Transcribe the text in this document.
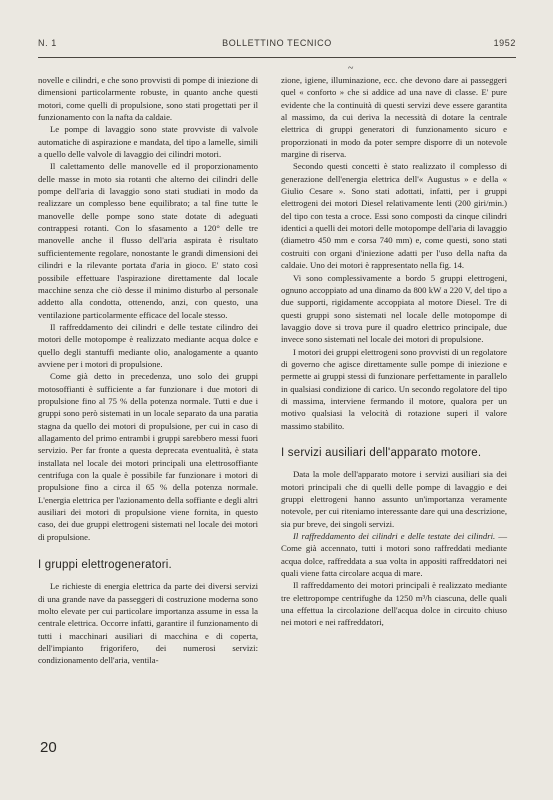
N. 1	BOLLETTINO TECNICO	1952
~

novelle e cilindri, e che sono provvisti di pompe di iniezione di dimensioni particolarmente robuste, in quanto anche questi motori, come quelli di propulsione, sono stati progettati per il funzionamento con la nafta da caldaie.

Le pompe di lavaggio sono state provviste di valvole automatiche di aspirazione e mandata, del tipo a lamelle, simili a quello delle valvole di lavaggio dei cilindri motori.

Il calettamento delle manovelle ed il proporzionamento delle masse in moto sia rotanti che alterno dei cilindri delle pompe dell'aria di lavaggio sono stati studiati in modo da realizzare un complesso bene equilibrato; a tal fine tutte le manovelle delle pompe sono state dotate di adeguati contrappesi rotanti. Con lo sfasamento a 120° delle tre manovelle anche il flusso dell'aria aspirata è risultato sufficientemente regolare, nonostante le grandi dimensioni dei cilindri e la rilevante portata d'aria in gioco. E' stato così possibile effettuare l'aspirazione direttamente dal locale macchine senza che ciò desse il minimo disturbo al personale addetto alla condotta, ottenendo, anzi, con questo, una ventilazione particolarmente efficace del locale stesso.

Il raffreddamento dei cilindri e delle testate cilindro dei motori delle motopompe è realizzato mediante acqua dolce e quello degli stantuffi mediante olio, analogamente a quanto avviene per i motori di propulsione.

Come già detto in precedenza, uno solo dei gruppi motosoffianti è sufficiente a far funzionare i due motori di propulsione fino al 75 % della potenza normale. Tutti e due i gruppi sono però sistemati in un locale separato da una paratia stagna da quello dei motori di propulsione, per cui in caso di allagamento del primo entrambi i gruppi sarebbero messi fuori servizio. Per far fronte a questa deprecata eventualità, è stata installata nel locale dei motori principali una elettrosoffiante centrifuga con la quale è possibile far funzionare i motori di propulsione fino a circa il 65 % della potenza normale. L'energia elettrica per l'azionamento della soffiante e degli altri ausiliari dei motori di propulsione viene fornita, in questo caso, dei due gruppi elettrogeni sistemati nel locale dei motori di propulsione.

I gruppi elettrogeneratori.

Le richieste di energia elettrica da parte dei diversi servizi di una grande nave da passeggeri di costruzione moderna sono molto elevate per cui particolare importanza assume in essa la centrale elettrica. Occorre infatti, garantire il funzionamento di tutti i macchinari ausiliari di macchina e di coperta, dell'impianto frigorifero, dei numerosi servizi: condizionamento dell'aria, ventila-

zione, igiene, illuminazione, ecc. che devono dare ai passeggeri quel « conforto » che si addice ad una nave di classe. E' pure evidente che la continuità di questi servizi deve essere garantita al massimo, da cui deriva la necessità di dotare la centrale elettrica di gruppi generatori di funzionamento sicuro e proporzionati in modo da poter sempre disporre di un notevole margine di riserva.

Secondo questi concetti è stato realizzato il complesso di generazione dell'energia elettrica dell'« Augustus » e della « Giulio Cesare ». Sono stati adottati, infatti, per i gruppi elettrogeni dei motori Diesel relativamente lenti (200 giri/min.) del tipo con testa a croce. Essi sono composti da cinque cilindri identici a quelli dei motori delle motopompe dell'aria di lavaggio (diametro 450 mm e corsa 740 mm) e, come questi, sono stati costruiti con organi d'iniezione adatti per l'uso della nafta da caldaie. Uno dei motori è rappresentato nella fig. 14.

Vi sono complessivamente a bordo 5 gruppi elettrogeni, ognuno accoppiato ad una dinamo da 800 kW a 220 V, del tipo a due supporti, rigidamente accoppiata al motore Diesel. Tre di questi gruppi sono sistemati nel locale delle motopompe di lavaggio dove si trova pure il quadro elettrico principale, due invece sono sistemati nel locale dei motori di propulsione.

I motori dei gruppi elettrogeni sono provvisti di un regolatore di governo che agisce direttamente sulle pompe di iniezione e permette ai gruppi stessi di funzionare perfettamente in parallelo in qualsiasi condizione di carico. Un secondo regolatore del tipo di massima, interviene fermando il motore, qualora per un motivo qualsiasi la velocità di rotazione superi il valore massimo stabilito.

I servizi ausiliari dell'apparato motore.

Data la mole dell'apparato motore i servizi ausiliari sia dei motori principali che di quelli delle pompe di lavaggio e dei gruppi elettrogeni hanno assunto un'importanza veramente notevole, per cui riteniamo interessante dare qui una descrizione, sia pur breve, dei singoli servizi.

Il raffreddamento dei cilindri e delle testate dei cilindri. — Come già accennato, tutti i motori sono raffreddati mediante acqua dolce, raffreddata a sua volta in appositi raffreddatori nei quali viene fatta circolare acqua di mare.

Il raffreddamento dei motori principali è realizzato mediante tre elettropompe centrifughe da 1250 m³/h ciascuna, delle quali una effettua la circolazione dell'acqua dolce in circuito chiuso nei motori e nei raffreddatori,

20
